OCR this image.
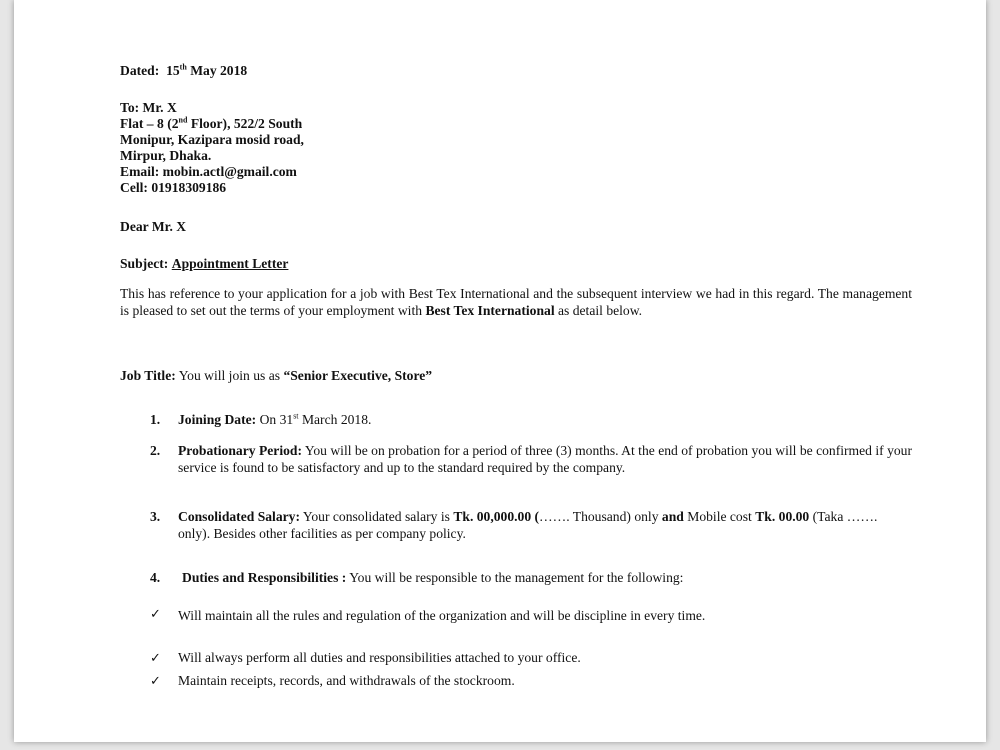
Dated: 15th May 2018
To: Mr. X
Flat – 8 (2nd Floor), 522/2 South
Monipur, Kazipara mosid road,
Mirpur, Dhaka.
Email: mobin.actl@gmail.com
Cell: 01918309186
Dear Mr. X
Subject: Appointment Letter

This has reference to your application for a job with Best Tex International and the subsequent interview we had in this regard. The management is pleased to set out the terms of your employment with Best Tex International as detail below.

Job Title: You will join us as “Senior Executive, Store”
1. Joining Date: On 31st March 2018.
2. Probationary Period: You will be on probation for a period of three (3) months. At the end of probation you will be confirmed if your service is found to be satisfactory and up to the standard required by the company.
3. Consolidated Salary: Your consolidated salary is Tk. 00,000.00 (……. Thousand) only and Mobile cost Tk. 00.00 (Taka ……. only). Besides other facilities as per company policy.
4. Duties and Responsibilities : You will be responsible to the management for the following:
✓ Will maintain all the rules and regulation of the organization and will be discipline in every time.
✓ Will always perform all duties and responsibilities attached to your office.
✓ Maintain receipts, records, and withdrawals of the stockroom.
